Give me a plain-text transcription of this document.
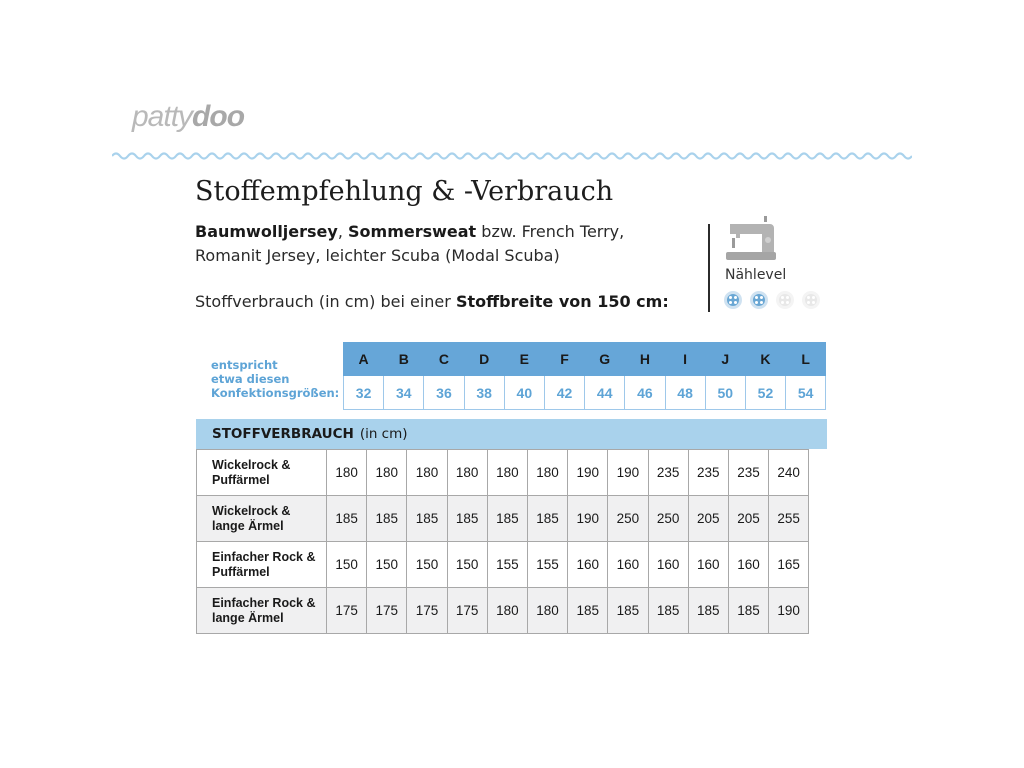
pattydoo
Stoffempfehlung & -Verbrauch
Baumwolljersey, Sommersweat bzw. French Terry,
Romanit Jersey, leichter Scuba (Modal Scuba)
Stoffverbrauch (in cm) bei einer Stoffbreite von 150 cm:
Nählevel
entspricht
etwa diesen
Konfektionsgrößen:
A	B	C	D	E	F	G	H	I	J	K	L
32	34	36	38	40	42	44	46	48	50	52	54
STOFFVERBRAUCH (in cm)
Wickelrock &
Puffärmel	180	180	180	180	180	180	190	190	235	235	235	240

Wickelrock &
lange Ärmel	185	185	185	185	185	185	190	250	250	205	205	255

Einfacher Rock &
Puffärmel	150	150	150	150	155	155	160	160	160	160	160	165

Einfacher Rock &
lange Ärmel	175	175	175	175	180	180	185	185	185	185	185	190
